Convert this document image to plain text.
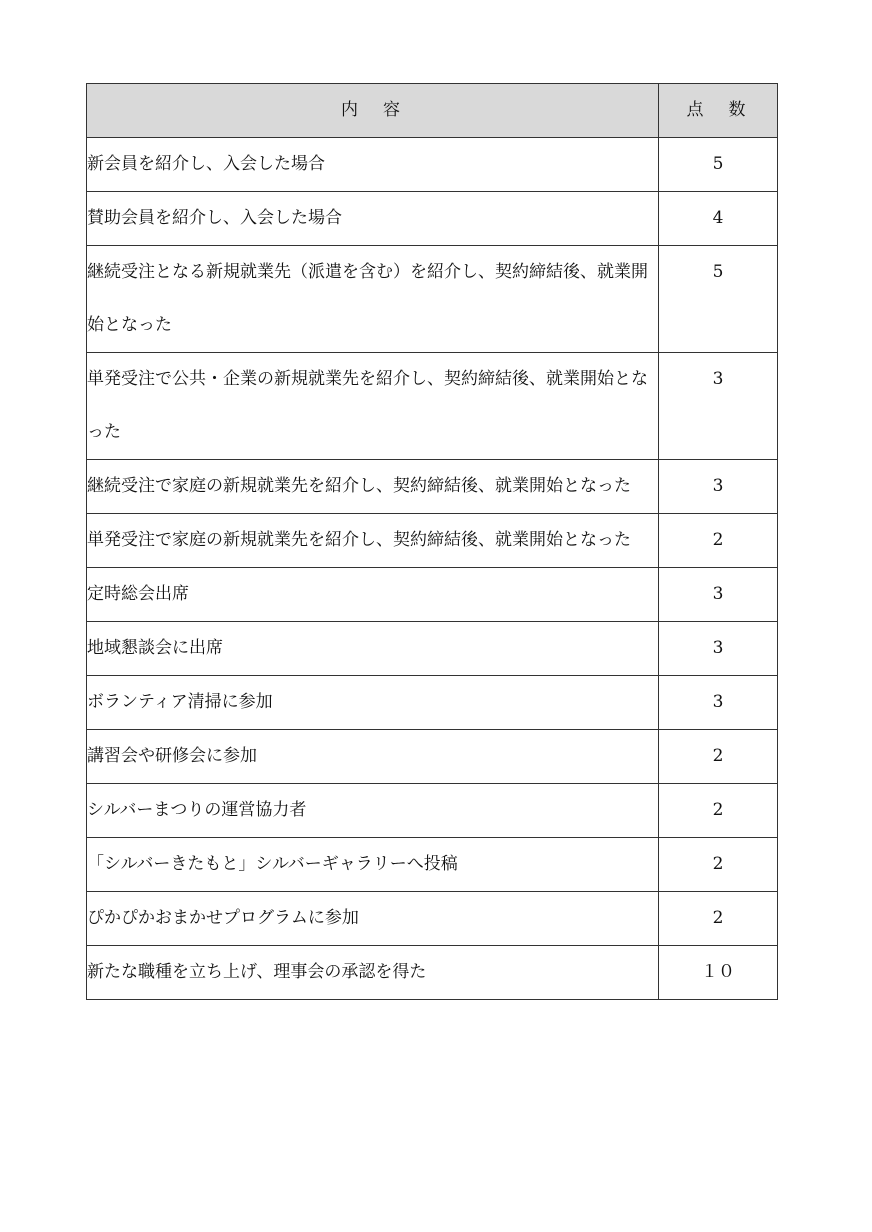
内　容	点　数
新会員を紹介し、入会した場合	5
賛助会員を紹介し、入会した場合	4
継続受注となる新規就業先（派遣を含む）を紹介し、契約締結後、就業開始となった	5
単発受注で公共・企業の新規就業先を紹介し、契約締結後、就業開始となった	3
継続受注で家庭の新規就業先を紹介し、契約締結後、就業開始となった	3
単発受注で家庭の新規就業先を紹介し、契約締結後、就業開始となった	2
定時総会出席	3
地域懇談会に出席	3
ボランティア清掃に参加	3
講習会や研修会に参加	2
シルバーまつりの運営協力者	2
「シルバーきたもと」シルバーギャラリーへ投稿	2
ぴかぴかおまかせプログラムに参加	2
新たな職種を立ち上げ、理事会の承認を得た	１０
